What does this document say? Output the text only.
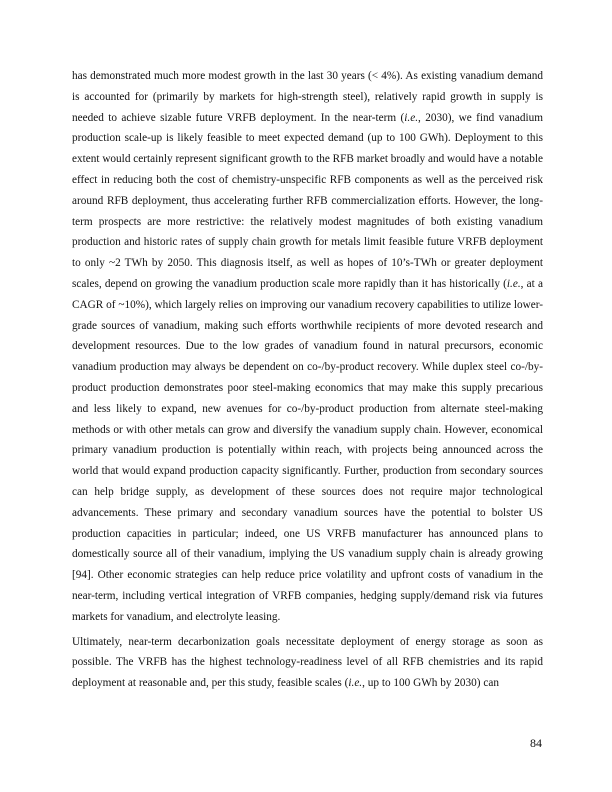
has demonstrated much more modest growth in the last 30 years (< 4%). As existing vanadium demand is accounted for (primarily by markets for high-strength steel), relatively rapid growth in supply is needed to achieve sizable future VRFB deployment. In the near-term (i.e., 2030), we find vanadium production scale-up is likely feasible to meet expected demand (up to 100 GWh). Deployment to this extent would certainly represent significant growth to the RFB market broadly and would have a notable effect in reducing both the cost of chemistry-unspecific RFB components as well as the perceived risk around RFB deployment, thus accelerating further RFB commercialization efforts. However, the long-term prospects are more restrictive: the relatively modest magnitudes of both existing vanadium production and historic rates of supply chain growth for metals limit feasible future VRFB deployment to only ~2 TWh by 2050. This diagnosis itself, as well as hopes of 10’s-TWh or greater deployment scales, depend on growing the vanadium production scale more rapidly than it has historically (i.e., at a CAGR of ~10%), which largely relies on improving our vanadium recovery capabilities to utilize lower-grade sources of vanadium, making such efforts worthwhile recipients of more devoted research and development resources. Due to the low grades of vanadium found in natural precursors, economic vanadium production may always be dependent on co-/by-product recovery. While duplex steel co-/by-product production demonstrates poor steel-making economics that may make this supply precarious and less likely to expand, new avenues for co-/by-product production from alternate steel-making methods or with other metals can grow and diversify the vanadium supply chain. However, economical primary vanadium production is potentially within reach, with projects being announced across the world that would expand production capacity significantly. Further, production from secondary sources can help bridge supply, as development of these sources does not require major technological advancements. These primary and secondary vanadium sources have the potential to bolster US production capacities in particular; indeed, one US VRFB manufacturer has announced plans to domestically source all of their vanadium, implying the US vanadium supply chain is already growing [94]. Other economic strategies can help reduce price volatility and upfront costs of vanadium in the near-term, including vertical integration of VRFB companies, hedging supply/demand risk via futures markets for vanadium, and electrolyte leasing.

Ultimately, near-term decarbonization goals necessitate deployment of energy storage as soon as possible. The VRFB has the highest technology-readiness level of all RFB chemistries and its rapid deployment at reasonable and, per this study, feasible scales (i.e., up to 100 GWh by 2030) can

84
